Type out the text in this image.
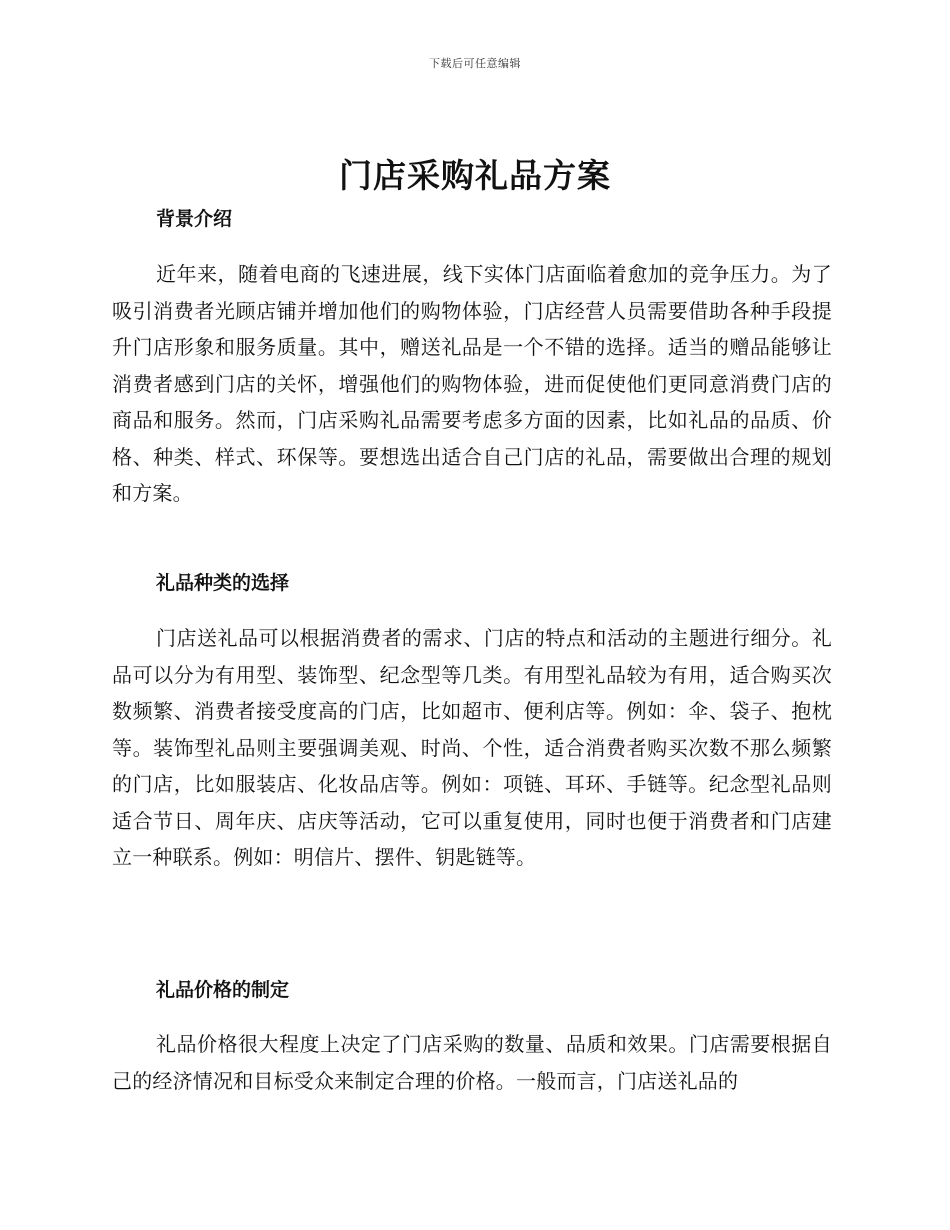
下载后可任意编辑
门店采购礼品方案
背景介绍

近年来，随着电商的飞速进展，线下实体门店面临着愈加的竞争压力。为了吸引消费者光顾店铺并增加他们的购物体验，门店经营人员需要借助各种手段提升门店形象和服务质量。其中，赠送礼品是一个不错的选择。适当的赠品能够让消费者感到门店的关怀，增强他们的购物体验，进而促使他们更同意消费门店的商品和服务。然而，门店采购礼品需要考虑多方面的因素，比如礼品的品质、价格、种类、样式、环保等。要想选出适合自己门店的礼品，需要做出合理的规划和方案。

礼品种类的选择

门店送礼品可以根据消费者的需求、门店的特点和活动的主题进行细分。礼品可以分为有用型、装饰型、纪念型等几类。有用型礼品较为有用，适合购买次数频繁、消费者接受度高的门店，比如超市、便利店等。例如：伞、袋子、抱枕等。装饰型礼品则主要强调美观、时尚、个性，适合消费者购买次数不那么频繁的门店，比如服装店、化妆品店等。例如：项链、耳环、手链等。纪念型礼品则适合节日、周年庆、店庆等活动，它可以重复使用，同时也便于消费者和门店建立一种联系。例如：明信片、摆件、钥匙链等。

礼品价格的制定

礼品价格很大程度上决定了门店采购的数量、品质和效果。门店需要根据自己的经济情况和目标受众来制定合理的价格。一般而言，门店送礼品的
